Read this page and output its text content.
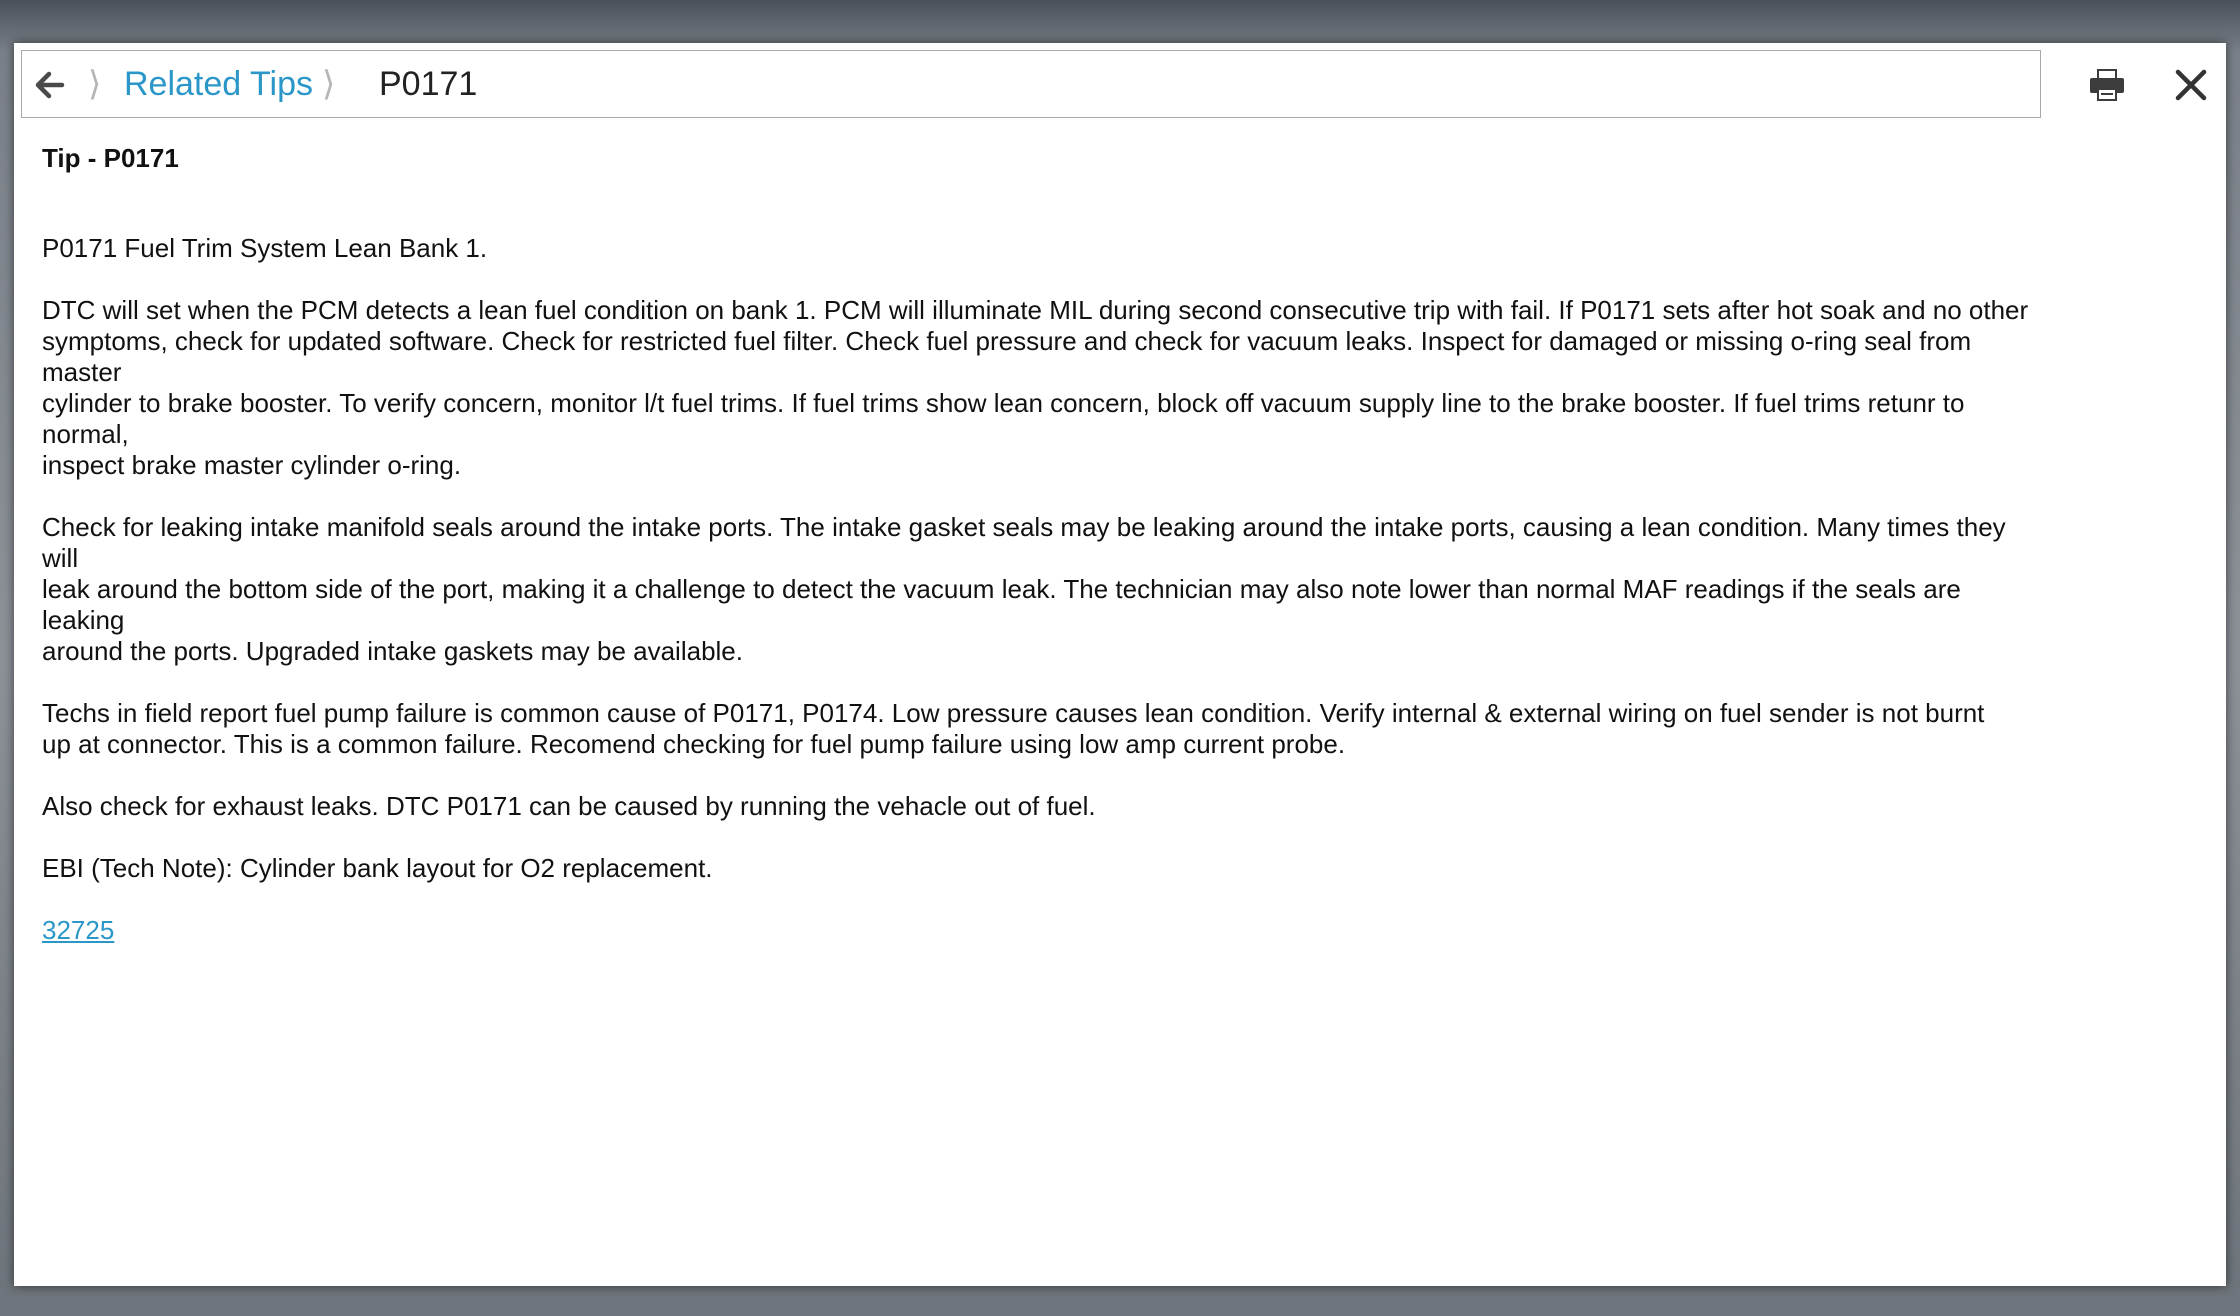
⟩ Related Tips ⟩ P0171
Tip - P0171
P0171 Fuel Trim System Lean Bank 1.
DTC will set when the PCM detects a lean fuel condition on bank 1. PCM will illuminate MIL during second consecutive trip with fail. If P0171 sets after hot soak and no other
symptoms, check for updated software. Check for restricted fuel filter. Check fuel pressure and check for vacuum leaks. Inspect for damaged or missing o-ring seal from
master
cylinder to brake booster. To verify concern, monitor l/t fuel trims. If fuel trims show lean concern, block off vacuum supply line to the brake booster. If fuel trims retunr to
normal,
inspect brake master cylinder o-ring.
Check for leaking intake manifold seals around the intake ports. The intake gasket seals may be leaking around the intake ports, causing a lean condition. Many times they
will
leak around the bottom side of the port, making it a challenge to detect the vacuum leak. The technician may also note lower than normal MAF readings if the seals are
leaking
around the ports. Upgraded intake gaskets may be available.
Techs in field report fuel pump failure is common cause of P0171, P0174. Low pressure causes lean condition. Verify internal & external wiring on fuel sender is not burnt
up at connector. This is a common failure. Recomend checking for fuel pump failure using low amp current probe.
Also check for exhaust leaks. DTC P0171 can be caused by running the vehacle out of fuel.
EBI (Tech Note): Cylinder bank layout for O2 replacement.
32725
